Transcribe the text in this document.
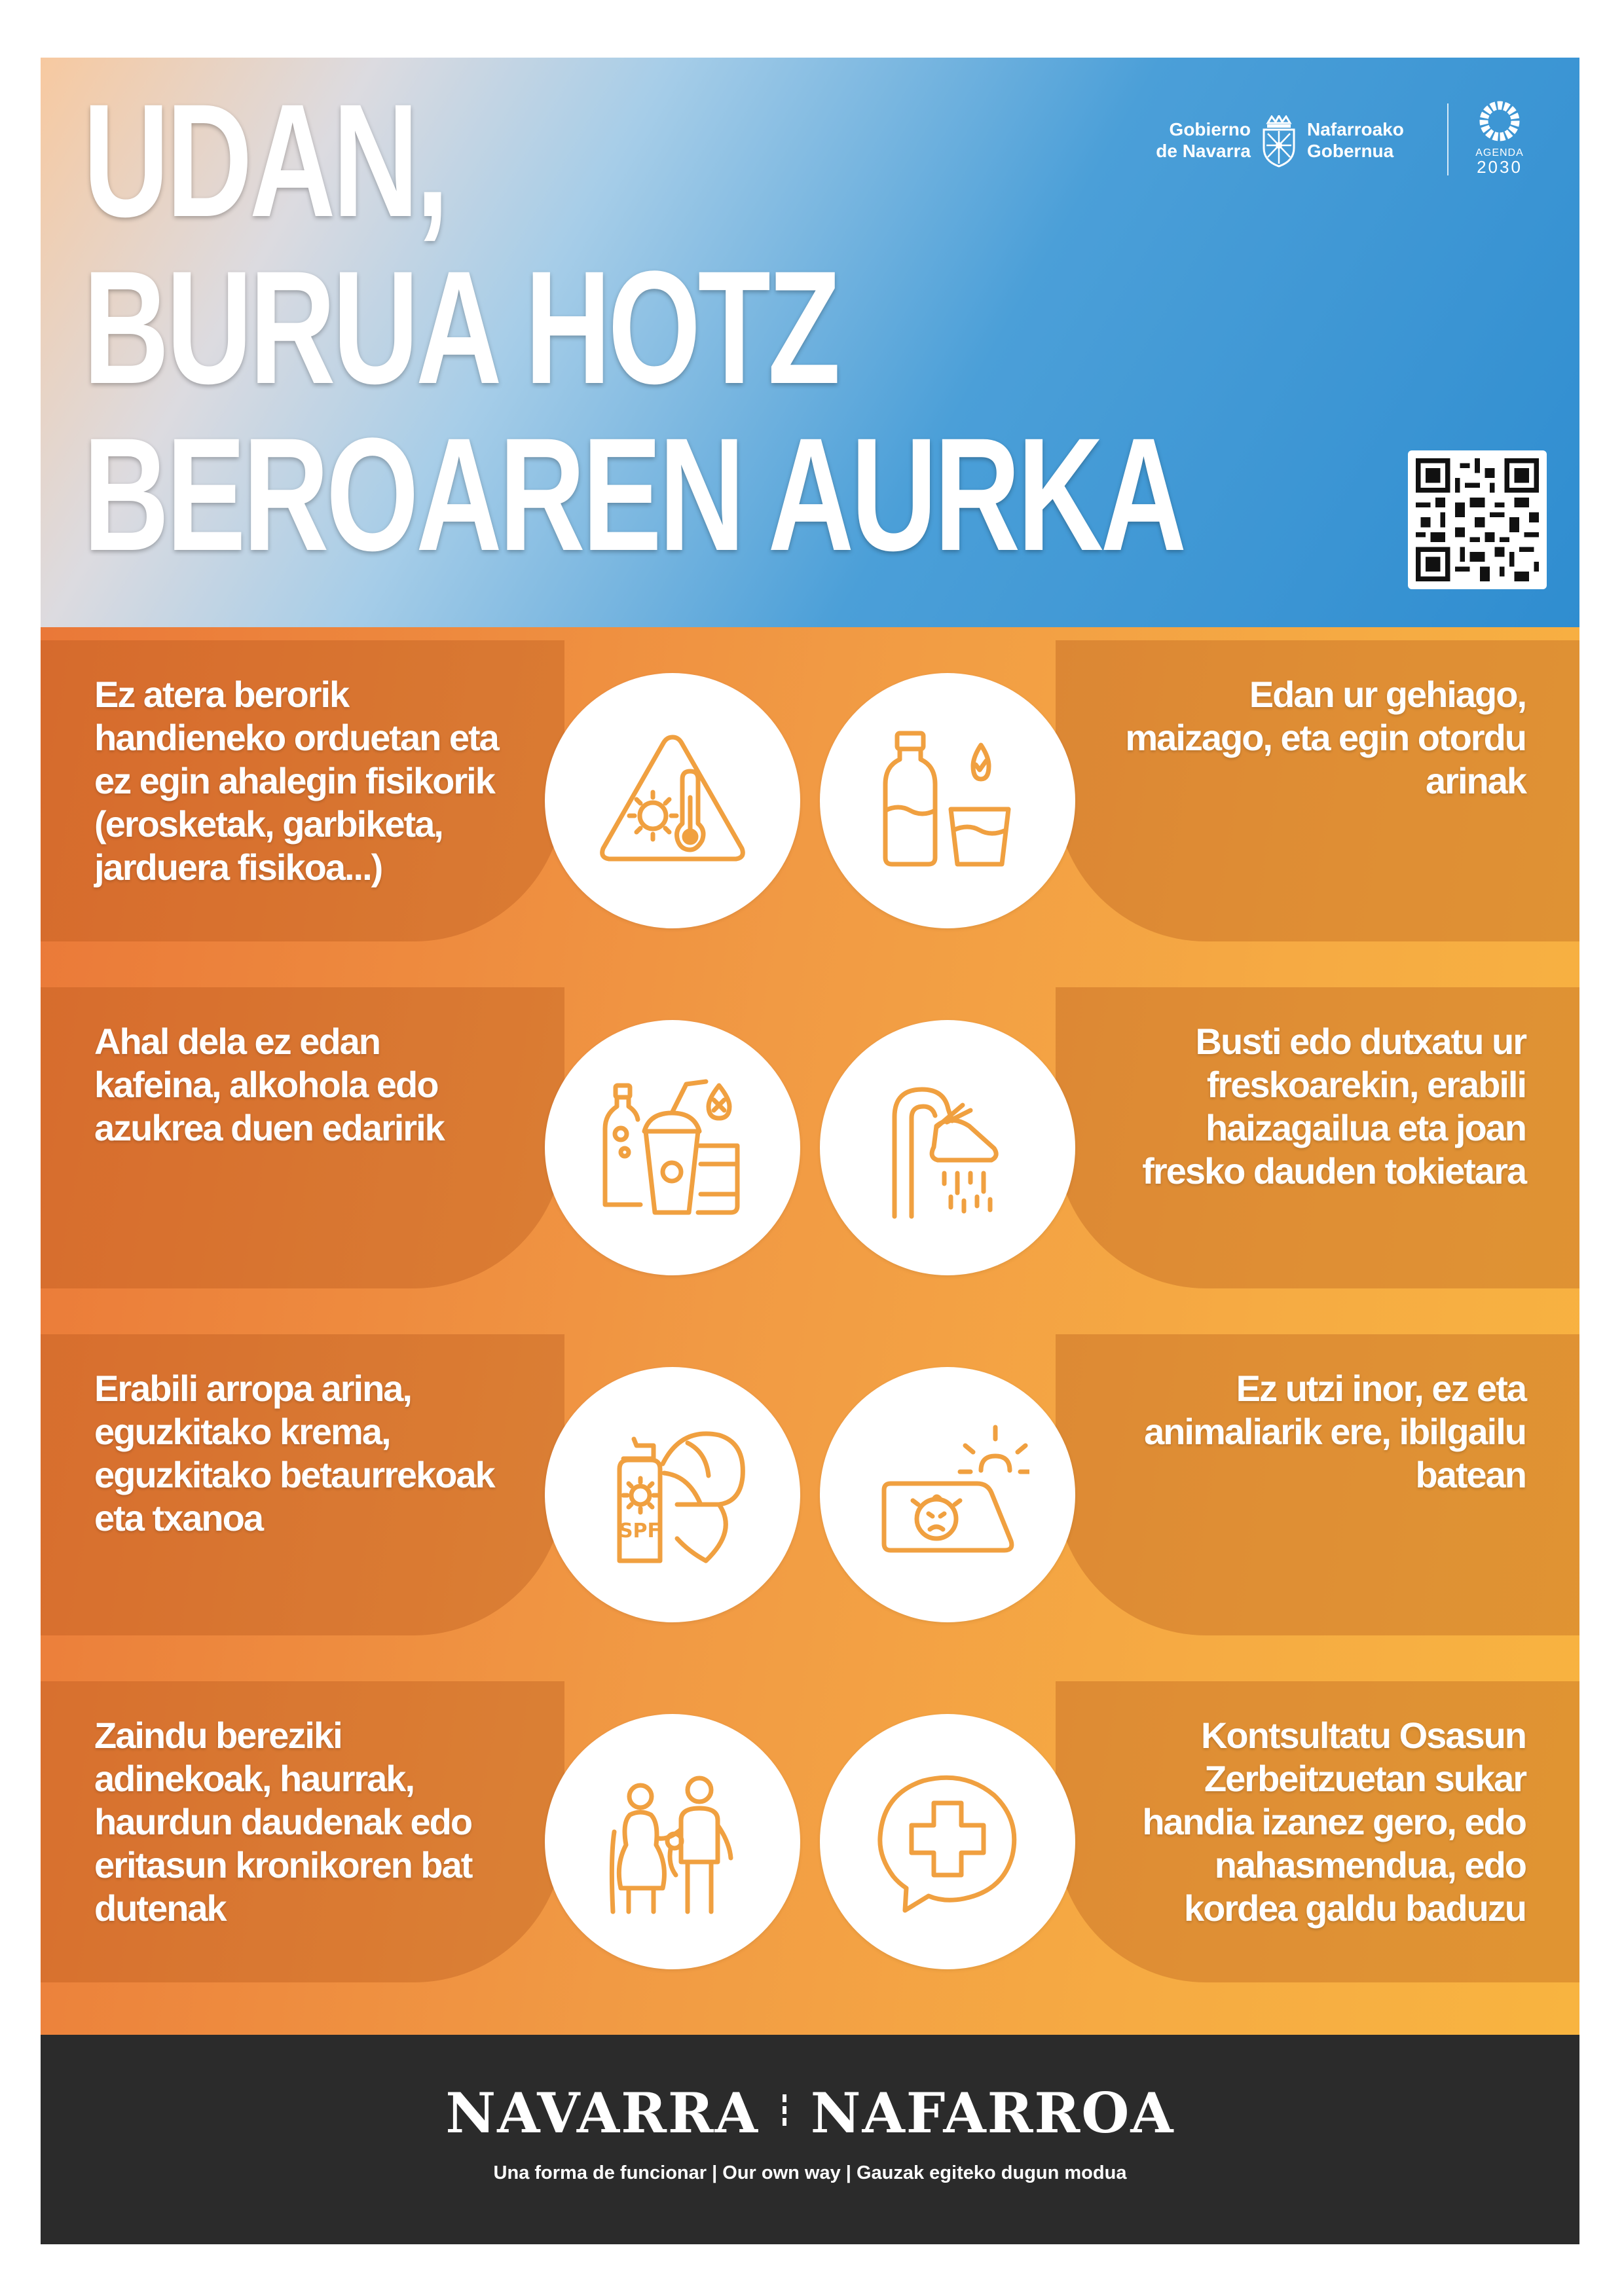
UDAN,
BURUA HOTZ
BEROAREN AURKA
Gobierno
de Navarra
Nafarroako
Gobernua	AGENDA
2030

Ez atera berorik handieneko orduetan eta ez egin ahalegin fisikorik (erosketak, garbiketa, jarduera fisikoa...)

Edan ur gehiago, maizago, eta egin otordu arinak

Ahal dela ez edan kafeina, alkohola edo azukrea duen edaririk

Busti edo dutxatu ur freskoarekin, erabili haizagailua eta joan fresko dauden tokietara

Erabili arropa arina, eguzkitako krema, eguzkitako betaurrekoak eta txanoa

Ez utzi inor, ez eta animaliarik ere, ibilgailu batean

SPF

Zaindu bereziki adinekoak, haurrak, haurdun daudenak edo eritasun kronikoren bat dutenak

Kontsultatu Osasun Zerbeitzuetan sukar handia izanez gero, edo nahasmendua, edo kordea galdu baduzu

NAVARRA NAFARROA
Una forma de funcionar | Our own way | Gauzak egiteko dugun modua
